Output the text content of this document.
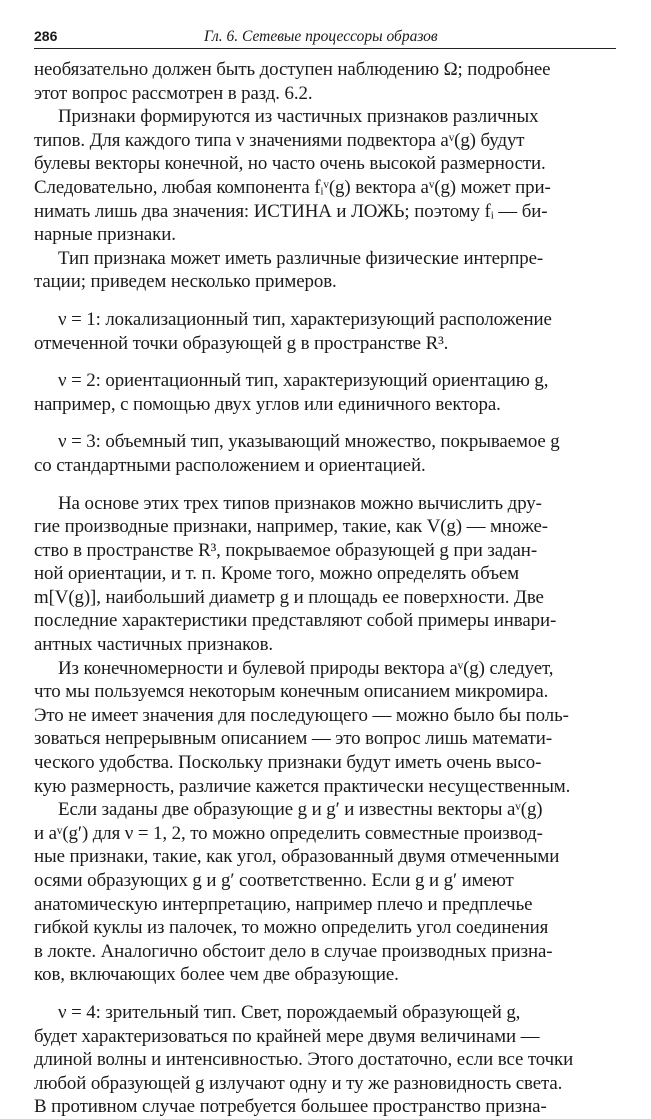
286	Гл. 6. Сетевые процессоры образов
необязательно должен быть доступен наблюдению Ω; подробнее
этот вопрос рассмотрен в разд. 6.2.
Признаки формируются из частичных признаков различных
типов. Для каждого типа ν значениями подвектора aᵛ(g) будут
булевы векторы конечной, но часто очень высокой размерности.
Следовательно, любая компонента fᵢᵛ(g) вектора aᵛ(g) может при-
нимать лишь два значения: ИСТИНА и ЛОЖЬ; поэтому fᵢ — би-
нарные признаки.
Тип признака может иметь различные физические интерпре-
тации; приведем несколько примеров.
ν = 1: локализационный тип, характеризующий расположение
отмеченной точки образующей g в пространстве R³.
ν = 2: ориентационный тип, характеризующий ориентацию g,
например, с помощью двух углов или единичного вектора.
ν = 3: объемный тип, указывающий множество, покрываемое g
со стандартными расположением и ориентацией.
На основе этих трех типов признаков можно вычислить дру-
гие производные признаки, например, такие, как V(g) — множе-
ство в пространстве R³, покрываемое образующей g при задан-
ной ориентации, и т. п. Кроме того, можно определять объем
m[V(g)], наибольший диаметр g и площадь ее поверхности. Две
последние характеристики представляют собой примеры инвари-
антных частичных признаков.
Из конечномерности и булевой природы вектора aᵛ(g) следует,
что мы пользуемся некоторым конечным описанием микромира.
Это не имеет значения для последующего — можно было бы поль-
зоваться непрерывным описанием — это вопрос лишь математи-
ческого удобства. Поскольку признаки будут иметь очень высо-
кую размерность, различие кажется практически несущественным.
Если заданы две образующие g и g′ и известны векторы aᵛ(g)
и aᵛ(g′) для ν = 1, 2, то можно определить совместные производ-
ные признаки, такие, как угол, образованный двумя отмеченными
осями образующих g и g′ соответственно. Если g и g′ имеют
анатомическую интерпретацию, например плечо и предплечье
гибкой куклы из палочек, то можно определить угол соединения
в локте. Аналогично обстоит дело в случае производных призна-
ков, включающих более чем две образующие.
ν = 4: зрительный тип. Свет, порождаемый образующей g,
будет характеризоваться по крайней мере двумя величинами —
длиной волны и интенсивностью. Этого достаточно, если все точки
любой образующей g излучают одну и ту же разновидность света.
В противном случае потребуется большее пространство призна-
